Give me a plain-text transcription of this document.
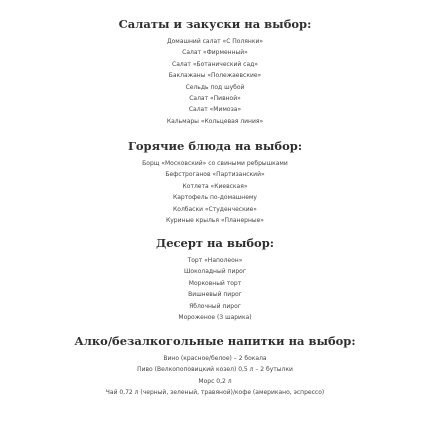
Салаты и закуски на выбор:
Домашний салат «С Полянки»
Салат «Фирменный»
Салат «Ботанический сад»
Баклажаны «Полежаевские»
Сельдь под шубой
Салат «Пивной»
Салат «Мимоза»
Кальмары «Кольцевая линия»
Горячие блюда на выбор:
Борщ «Московский» со свиными ребрышками
Бефстроганов «Партизанский»
Котлета «Киевская»
Картофель по-домашнему
Колбаски «Студенческие»
Куриные крылья «Планерные»
Десерт на выбор:
Торт «Наполеон»
Шоколадный пирог
Морковный торт
Вишневый пирог
Яблочный пирог
Мороженое (3 шарика)
Алко/безалкогольные напитки на выбор:
Вино (красное/белое) – 2 бокала
Пиво (Велкопоповицкий козел) 0,5 л – 2 бутылки
Морс 0,2 л
Чай 0,72 л (черный, зеленый, травяной)/кофе (американо, эспрессо)
